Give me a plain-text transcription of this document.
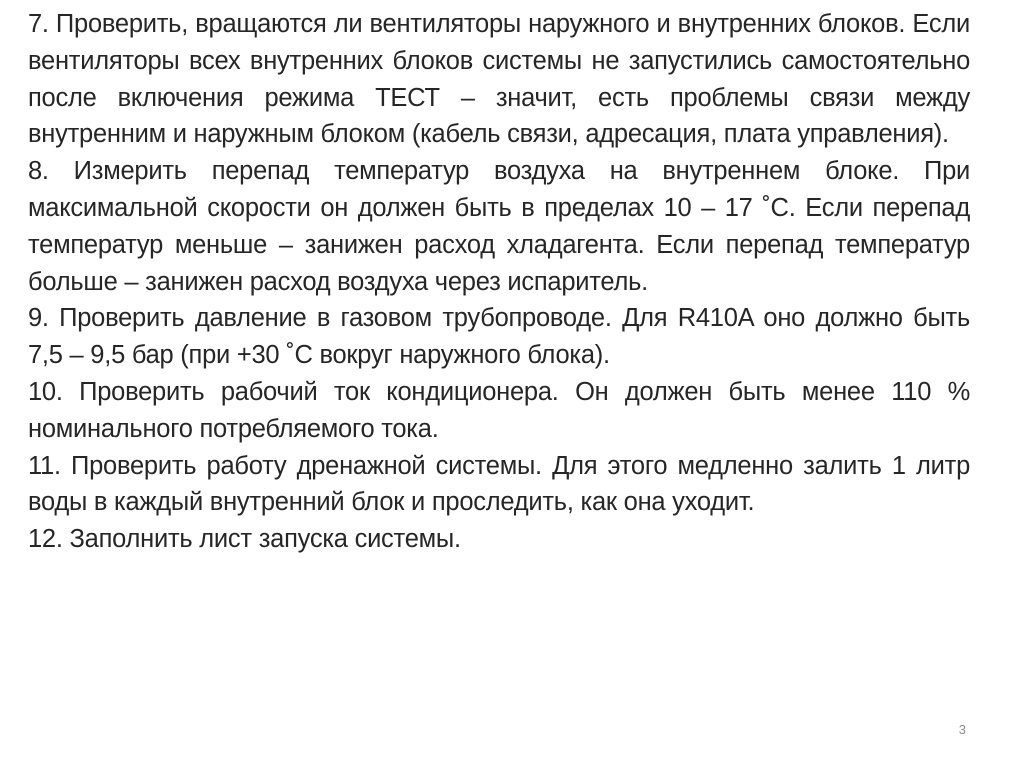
7. Проверить, вращаются ли вентиляторы наружного и внутренних блоков. Если вентиляторы всех внутренних блоков системы не запустились самостоятельно после включения режима ТЕСТ – значит, есть проблемы связи между внутренним и наружным блоком (кабель связи, адресация, плата управления).

8. Измерить перепад температур воздуха на внутреннем блоке. При максимальной скорости он должен быть в пределах 10 – 17 ˚С. Если перепад температур меньше – занижен расход хладагента. Если перепад температур больше – занижен расход воздуха через испаритель.

9. Проверить давление в газовом трубопроводе. Для R410A оно должно быть 7,5 – 9,5 бар (при +30 ˚С вокруг наружного блока).

10. Проверить рабочий ток кондиционера. Он должен быть менее 110 % номинального потребляемого тока.

11. Проверить работу дренажной системы. Для этого медленно залить 1 литр воды в каждый внутренний блок и проследить, как она уходит.

12. Заполнить лист запуска системы.

3
